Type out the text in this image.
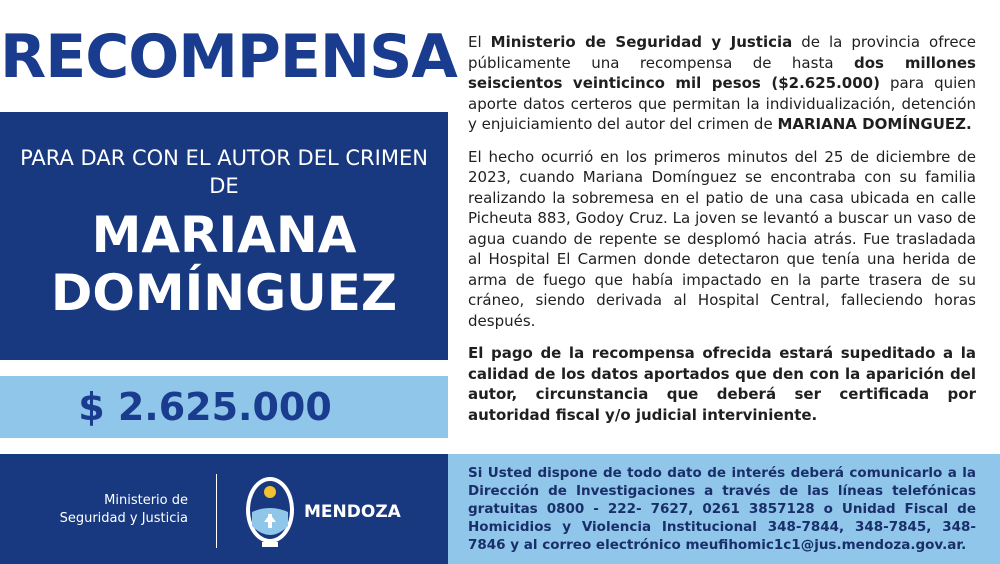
RECOMPENSA
PARA DAR CON EL AUTOR DEL CRIMEN DE
MARIANA
DOMÍNGUEZ
$ 2.625.000

El Ministerio de Seguridad y Justicia de la provincia ofrece públicamente una recompensa de hasta dos millones seiscientos veinticinco mil pesos ($2.625.000) para quien aporte datos certeros que permitan la individualización, detención y enjuiciamiento del autor del crimen de MARIANA DOMÍNGUEZ.

El hecho ocurrió en los primeros minutos del 25 de diciembre de 2023, cuando Mariana Domínguez se encontraba con su familia realizando la sobremesa en el patio de una casa ubicada en calle Picheuta 883, Godoy Cruz. La joven se levantó a buscar un vaso de agua cuando de repente se desplomó hacia atrás. Fue trasladada al Hospital El Carmen donde detectaron que tenía una herida de arma de fuego que había impactado en la parte trasera de su cráneo, siendo derivada al Hospital Central, falleciendo horas después.

El pago de la recompensa ofrecida estará supeditado a la calidad de los datos aportados que den con la aparición del autor, circunstancia que deberá ser certificada por autoridad fiscal y/o judicial interviniente.

Ministerio de
Seguridad y Justicia	MENDOZA
Si Usted dispone de todo dato de interés deberá comunicarlo a la Dirección de Investigaciones a través de las líneas telefónicas gratuitas 0800 - 222- 7627, 0261 3857128 o Unidad Fiscal de Homicidios y Violencia Institucional 348-7844, 348-7845, 348-7846 y al correo electrónico meufihomic1c1@jus.mendoza.gov.ar.
